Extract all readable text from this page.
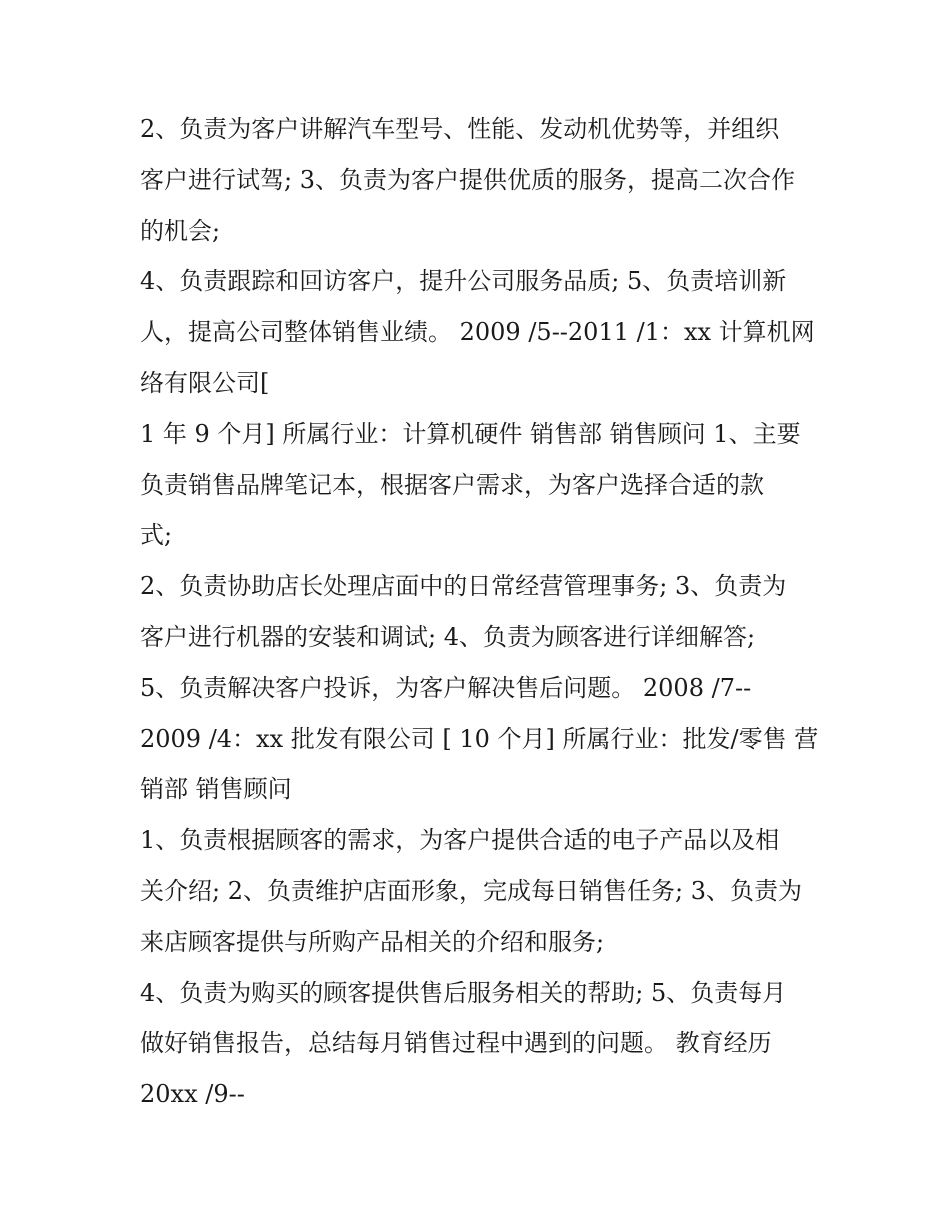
2、负责为客户讲解汽车型号、性能、发动机优势等，并组织
客户进行试驾; 3、负责为客户提供优质的服务，提高二次合作
的机会;
4、负责跟踪和回访客户，提升公司服务品质; 5、负责培训新
人，提高公司整体销售业绩。 2009 /5--2011 /1：xx 计算机网
络有限公司[
1 年 9 个月] 所属行业：计算机硬件 销售部 销售顾问 1、主要
负责销售品牌笔记本，根据客户需求，为客户选择合适的款
式;
2、负责协助店长处理店面中的日常经营管理事务; 3、负责为
客户进行机器的安装和调试; 4、负责为顾客进行详细解答;
5、负责解决客户投诉，为客户解决售后问题。 2008 /7--
2009 /4：xx 批发有限公司 [ 10 个月] 所属行业：批发/零售 营
销部 销售顾问
1、负责根据顾客的需求，为客户提供合适的电子产品以及相
关介绍; 2、负责维护店面形象，完成每日销售任务; 3、负责为
来店顾客提供与所购产品相关的介绍和服务;
4、负责为购买的顾客提供售后服务相关的帮助; 5、负责每月
做好销售报告，总结每月销售过程中遇到的问题。 教育经历
20xx /9--
